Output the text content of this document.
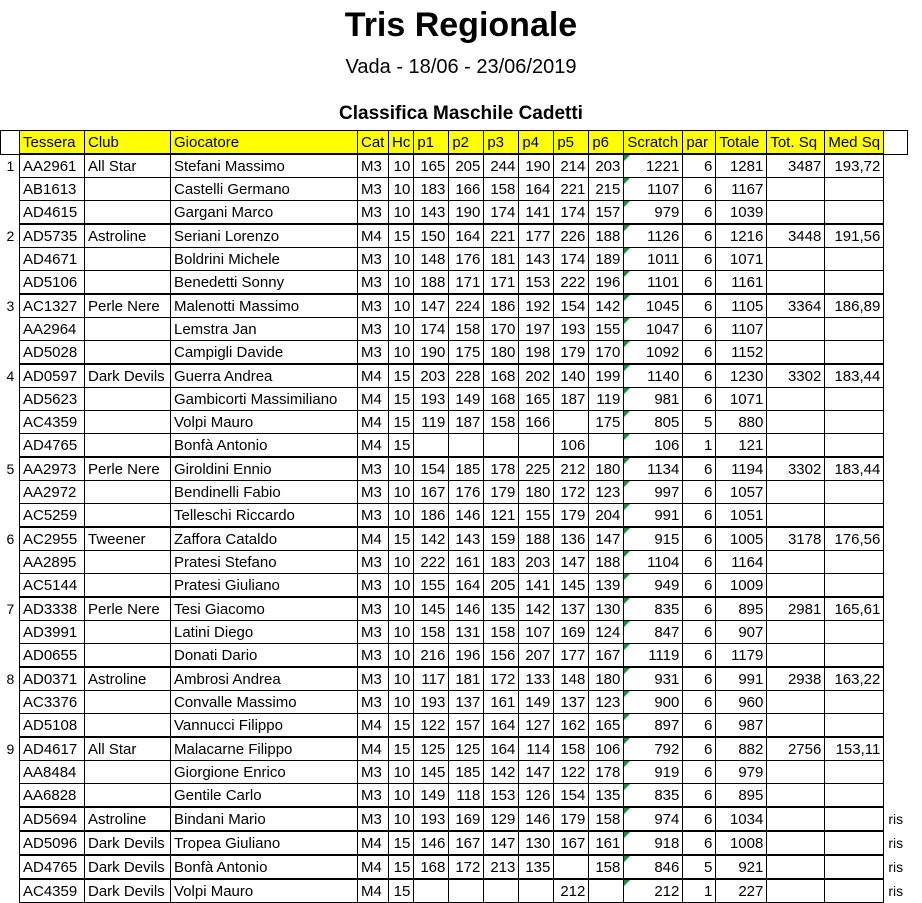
Tris Regionale
Vada - 18/06 - 23/06/2019
Classifica Maschile Cadetti
	Tessera	Club	Giocatore	Cat	Hc	p1	p2	p3	p4	p5	p6	Scratch	par	Totale	Tot. Sq	Med Sq	
1	AA2961	All Star	Stefani Massimo	M3	10	165	205	244	190	214	203	1221	6	1281	3487	193,72	
	AB1613		Castelli Germano	M3	10	183	166	158	164	221	215	1107	6	1167			
	AD4615		Gargani Marco	M3	10	143	190	174	141	174	157	979	6	1039			
2	AD5735	Astroline	Seriani Lorenzo	M4	15	150	164	221	177	226	188	1126	6	1216	3448	191,56	
	AD4671		Boldrini Michele	M3	10	148	176	181	143	174	189	1011	6	1071			
	AD5106		Benedetti Sonny	M3	10	188	171	171	153	222	196	1101	6	1161			
3	AC1327	Perle Nere	Malenotti Massimo	M3	10	147	224	186	192	154	142	1045	6	1105	3364	186,89	
	AA2964		Lemstra Jan	M3	10	174	158	170	197	193	155	1047	6	1107			
	AD5028		Campigli Davide	M3	10	190	175	180	198	179	170	1092	6	1152			
4	AD0597	Dark Devils	Guerra Andrea	M4	15	203	228	168	202	140	199	1140	6	1230	3302	183,44	
	AD5623		Gambicorti Massimiliano	M4	15	193	149	168	165	187	119	981	6	1071			
	AC4359		Volpi Mauro	M4	15	119	187	158	166		175	805	5	880			
	AD4765		Bonfà Antonio	M4	15					106		106	1	121			
5	AA2973	Perle Nere	Giroldini Ennio	M3	10	154	185	178	225	212	180	1134	6	1194	3302	183,44	
	AA2972		Bendinelli Fabio	M3	10	167	176	179	180	172	123	997	6	1057			
	AC5259		Telleschi Riccardo	M3	10	186	146	121	155	179	204	991	6	1051			
6	AC2955	Tweener	Zaffora Cataldo	M4	15	142	143	159	188	136	147	915	6	1005	3178	176,56	
	AA2895		Pratesi Stefano	M3	10	222	161	183	203	147	188	1104	6	1164			
	AC5144		Pratesi Giuliano	M3	10	155	164	205	141	145	139	949	6	1009			
7	AD3338	Perle Nere	Tesi Giacomo	M3	10	145	146	135	142	137	130	835	6	895	2981	165,61	
	AD3991		Latini Diego	M3	10	158	131	158	107	169	124	847	6	907			
	AD0655		Donati Dario	M3	10	216	196	156	207	177	167	1119	6	1179			
8	AD0371	Astroline	Ambrosi Andrea	M3	10	117	181	172	133	148	180	931	6	991	2938	163,22	
	AC3376		Convalle Massimo	M3	10	193	137	161	149	137	123	900	6	960			
	AD5108		Vannucci Filippo	M4	15	122	157	164	127	162	165	897	6	987			
9	AD4617	All Star	Malacarne Filippo	M4	15	125	125	164	114	158	106	792	6	882	2756	153,11	
	AA8484		Giorgione Enrico	M3	10	145	185	142	147	122	178	919	6	979			
	AA6828		Gentile Carlo	M3	10	149	118	153	126	154	135	835	6	895			
	AD5694	Astroline	Bindani Mario	M3	10	193	169	129	146	179	158	974	6	1034			ris
	AD5096	Dark Devils	Tropea Giuliano	M4	15	146	167	147	130	167	161	918	6	1008			ris
	AD4765	Dark Devils	Bonfà Antonio	M4	15	168	172	213	135		158	846	5	921			ris
	AC4359	Dark Devils	Volpi Mauro	M4	15					212		212	1	227			ris
